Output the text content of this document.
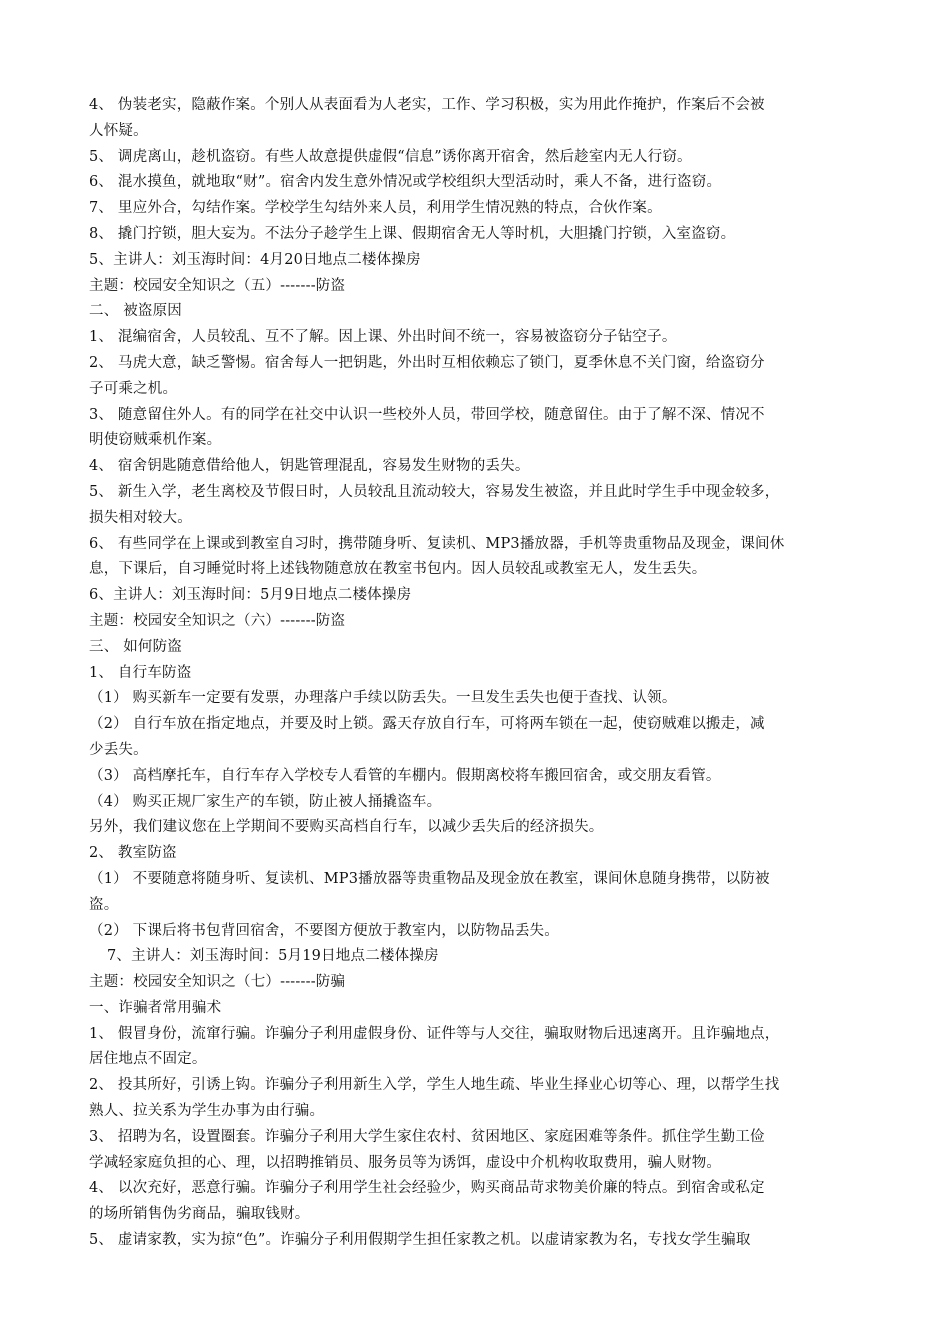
4、 伪装老实，隐蔽作案。个别人从表面看为人老实，工作、学习积极，实为用此作掩护，作案后不会被
人怀疑。
5、 调虎离山，趁机盗窃。有些人故意提供虚假“信息”诱你离开宿舍，然后趁室内无人行窃。
6、 混水摸鱼，就地取“财”。宿舍内发生意外情况或学校组织大型活动时，乘人不备，进行盗窃。
7、 里应外合，勾结作案。学校学生勾结外来人员，利用学生情况熟的特点，合伙作案。
8、 撬门拧锁，胆大妄为。不法分子趁学生上课、假期宿舍无人等时机，大胆撬门拧锁，入室盗窃。
5、主讲人：刘玉海时间：4月20日地点二楼体操房
主题：校园安全知识之（五）-------防盗
二、 被盗原因
1、 混编宿舍，人员较乱、互不了解。因上课、外出时间不统一，容易被盗窃分子钻空子。
2、 马虎大意，缺乏警惕。宿舍每人一把钥匙，外出时互相依赖忘了锁门，夏季休息不关门窗，给盗窃分
子可乘之机。
3、 随意留住外人。有的同学在社交中认识一些校外人员，带回学校，随意留住。由于了解不深、情况不
明使窃贼乘机作案。
4、 宿舍钥匙随意借给他人，钥匙管理混乱，容易发生财物的丢失。
5、 新生入学，老生离校及节假日时，人员较乱且流动较大，容易发生被盗，并且此时学生手中现金较多，
损失相对较大。
6、 有些同学在上课或到教室自习时，携带随身听、复读机、MP3播放器，手机等贵重物品及现金，课间休
息，下课后，自习睡觉时将上述钱物随意放在教室书包内。因人员较乱或教室无人，发生丢失。
6、主讲人：刘玉海时间：5月9日地点二楼体操房
主题：校园安全知识之（六）-------防盗
三、 如何防盗
1、 自行车防盗
（1） 购买新车一定要有发票，办理落户手续以防丢失。一旦发生丢失也便于查找、认领。
（2） 自行车放在指定地点，并要及时上锁。露天存放自行车，可将两车锁在一起，使窃贼难以搬走，减
少丢失。
（3） 高档摩托车，自行车存入学校专人看管的车棚内。假期离校将车搬回宿舍，或交朋友看管。
（4） 购买正规厂家生产的车锁，防止被人捅撬盗车。
另外，我们建议您在上学期间不要购买高档自行车，以减少丢失后的经济损失。
2、 教室防盗
（1） 不要随意将随身听、复读机、MP3播放器等贵重物品及现金放在教室，课间休息随身携带，以防被
盗。
（2） 下课后将书包背回宿舍，不要图方便放于教室内，以防物品丢失。
7、主讲人：刘玉海时间：5月19日地点二楼体操房
主题：校园安全知识之（七）-------防骗
一、诈骗者常用骗术
1、 假冒身份，流窜行骗。诈骗分子利用虚假身份、证件等与人交往，骗取财物后迅速离开。且诈骗地点，
居住地点不固定。
2、 投其所好，引诱上钩。诈骗分子利用新生入学，学生人地生疏、毕业生择业心切等心、理，以帮学生找
熟人、拉关系为学生办事为由行骗。
3、 招聘为名，设置圈套。诈骗分子利用大学生家住农村、贫困地区、家庭困难等条件。抓住学生勤工俭
学减轻家庭负担的心、理，以招聘推销员、服务员等为诱饵，虚设中介机构收取费用，骗人财物。
4、 以次充好，恶意行骗。诈骗分子利用学生社会经验少，购买商品苛求物美价廉的特点。到宿舍或私定
的场所销售伪劣商品，骗取钱财。
5、 虚请家教，实为掠“色”。诈骗分子利用假期学生担任家教之机。以虚请家教为名，专找女学生骗取
